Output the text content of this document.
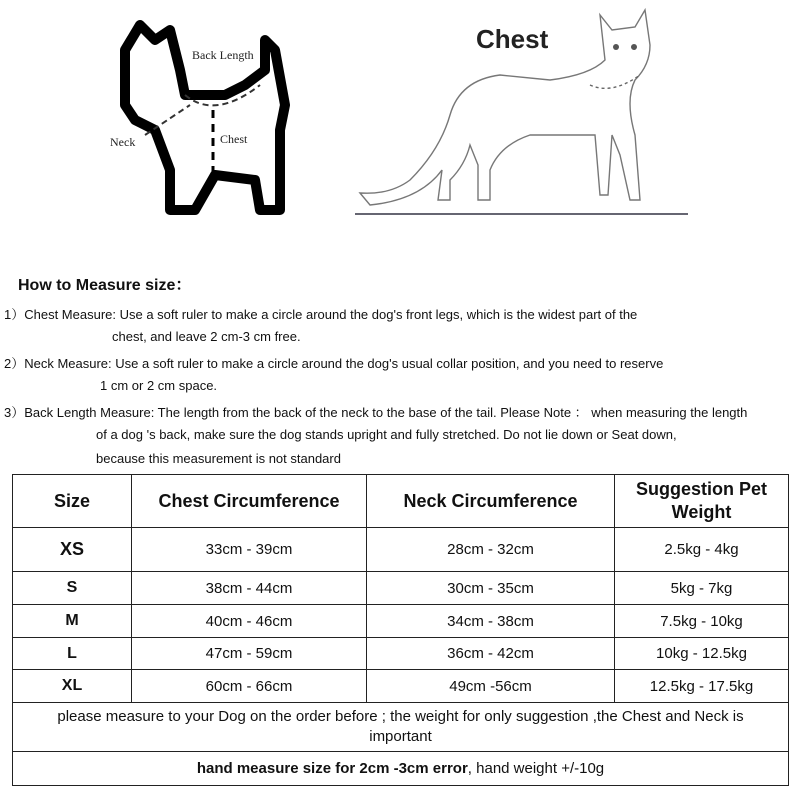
Back Length
Neck	Chest
Chest
How to Measure size：
1）Chest Measure: Use a soft ruler to make a circle around the dog's front legs, which is the widest part of the
chest, and leave 2 cm-3 cm free.
2）Neck Measure: Use a soft ruler to make a circle around the dog's usual collar position, and you need to reserve
1 cm or 2 cm space.
3）Back Length Measure: The length from the back of the neck to the base of the tail. Please Note ： when measuring the length
of a dog 's back, make sure the dog stands upright and fully stretched. Do not lie down or Seat down,
because this measurement is not standard
Size	Chest Circumference	Neck Circumference	Suggestion Pet Weight
XS	33cm - 39cm	28cm - 32cm	2.5kg - 4kg
S	38cm - 44cm	30cm - 35cm	5kg - 7kg
M	40cm - 46cm	34cm - 38cm	7.5kg - 10kg
L	47cm - 59cm	36cm - 42cm	10kg - 12.5kg
XL	60cm - 66cm	49cm -56cm	12.5kg - 17.5kg
please measure to your Dog on the order before ; the weight for only suggestion ,the Chest and Neck is important			
hand measure size for 2cm -3cm error, hand weight +/-10g			
